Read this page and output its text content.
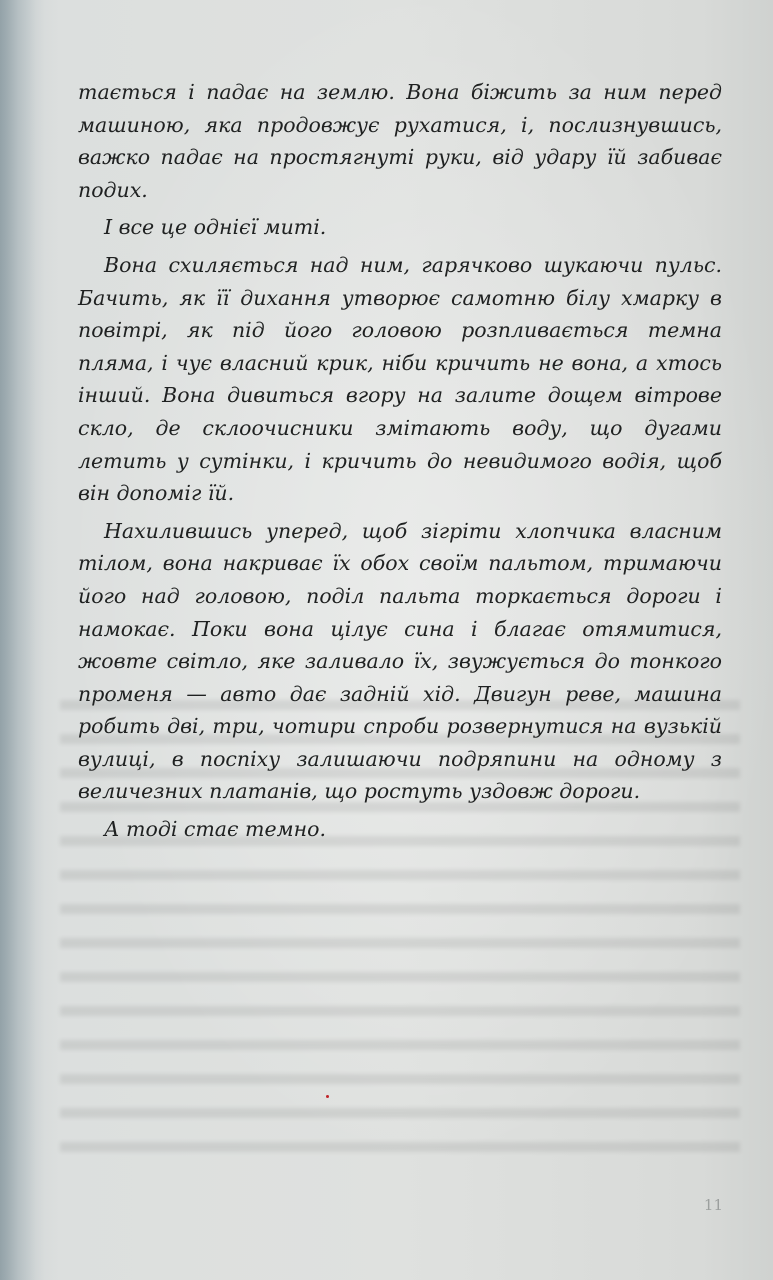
тається і падає на землю. Вона біжить за ним перед машиною, яка продовжує рухатися, і, послизнувшись, важко падає на простягнуті руки, від удару їй забиває подих.

І все це однієї миті.

Вона схиляється над ним, гарячково шукаючи пульс. Бачить, як її дихання утворює самотню білу хмарку в повітрі, як під його головою розпливається темна пляма, і чує власний крик, ніби кричить не вона, а хтось інший. Вона дивиться вгору на залите дощем вітрове скло, де склоочисники змітають воду, що дугами летить у сутінки, і кричить до невидимого водія, щоб він допоміг їй.

Нахилившись уперед, щоб зігріти хлопчика власним тілом, вона накриває їх обох своїм пальтом, тримаючи його над головою, поділ пальта торкається дороги і намокає. Поки вона цілує сина і благає отямитися, жовте світло, яке заливало їх, звужується до тонкого променя — авто дає задній хід. Двигун реве, машина робить дві, три, чотири спроби розвернутися на вузькій вулиці, в поспіху залишаючи подряпини на одному з величезних платанів, що ростуть уздовж дороги.

А тоді стає темно.

11
